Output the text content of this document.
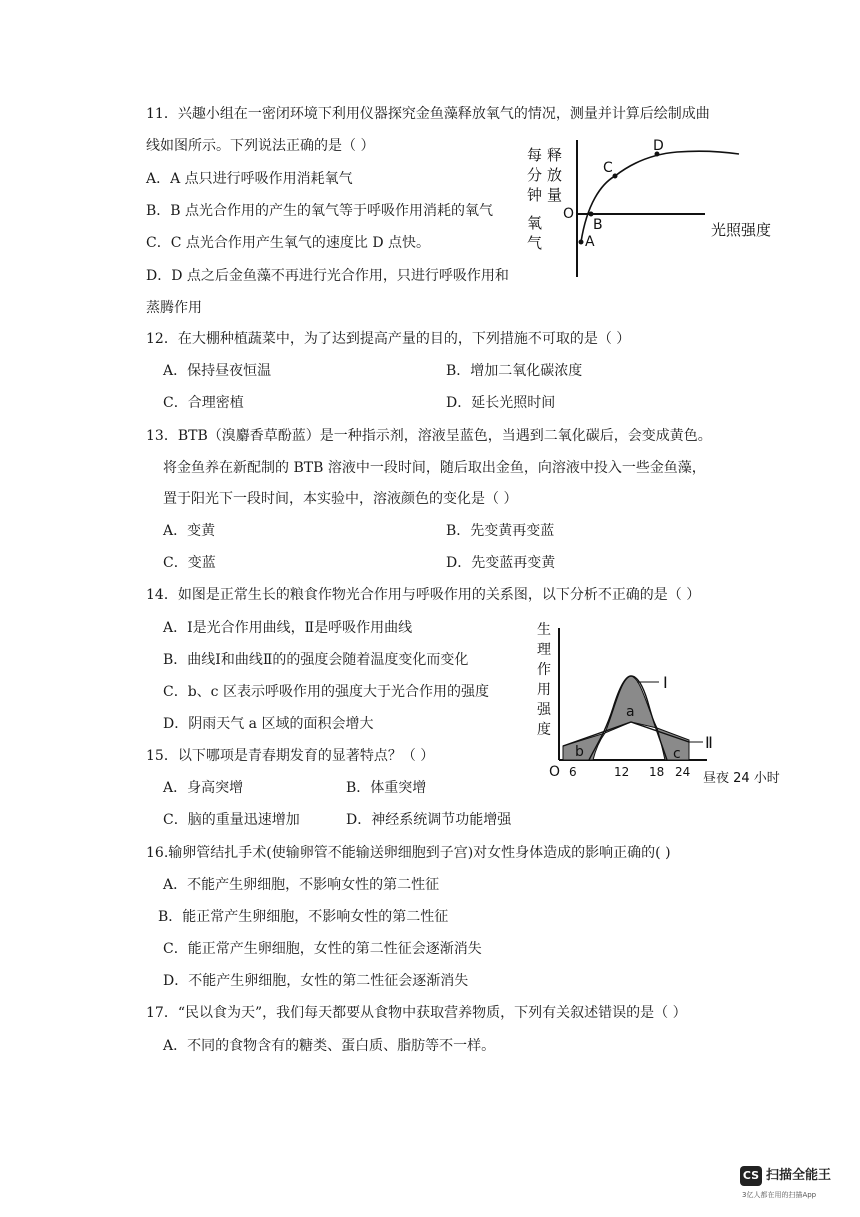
11．兴趣小组在一密闭环境下利用仪器探究金鱼藻释放氧气的情况，测量并计算后绘制成曲
线如图所示。下列说法正确的是（ ）
A．A 点只进行呼吸作用消耗氧气
B．B 点光合作用的产生的氧气等于呼吸作用消耗的氧气
C．C 点光合作用产生氧气的速度比 D 点快。
D．D 点之后金鱼藻不再进行光合作用，只进行呼吸作用和
蒸腾作用
每
分
钟
氧
气
释
放
量
O
光照强度
A
B
C
D
12．在大棚种植蔬菜中，为了达到提高产量的目的，下列措施不可取的是（ ）
A．保持昼夜恒温	B．增加二氧化碳浓度
C．合理密植	D．延长光照时间
13．BTB（溴麝香草酚蓝）是一种指示剂，溶液呈蓝色，当遇到二氧化碳后，会变成黄色。
将金鱼养在新配制的 BTB 溶液中一段时间，随后取出金鱼，向溶液中投入一些金鱼藻，
置于阳光下一段时间，本实验中，溶液颜色的变化是（ ）
A．变黄	B．先变黄再变蓝
C．变蓝	D．先变蓝再变黄
14．如图是正常生长的粮食作物光合作用与呼吸作用的关系图，以下分析不正确的是（ ）
A．Ⅰ是光合作用曲线，Ⅱ是呼吸作用曲线
B．曲线Ⅰ和曲线Ⅱ的的强度会随着温度变化而变化
C．b、c 区表示呼吸作用的强度大于光合作用的强度
D．阴雨天气 a 区域的面积会增大
生
理
作
用
强
度
Ⅰ
Ⅱ
a
b	c
O 6	12 18 24 昼夜 24 小时
15．以下哪项是青春期发育的显著特点？（ ）
A．身高突增	B．体重突增
C．脑的重量迅速增加	D．神经系统调节功能增强
16.输卵管结扎手术(使输卵管不能输送卵细胞到子宫)对女性身体造成的影响正确的( )
A．不能产生卵细胞，不影响女性的第二性征
B．能正常产生卵细胞，不影响女性的第二性征
C．能正常产生卵细胞，女性的第二性征会逐渐消失
D．不能产生卵细胞，女性的第二性征会逐渐消失
17．“民以食为天”，我们每天都要从食物中获取营养物质，下列有关叙述错误的是（ ）
A．不同的食物含有的糖类、蛋白质、脂肪等不一样。
CS 扫描全能王
3亿人都在用的扫描App
